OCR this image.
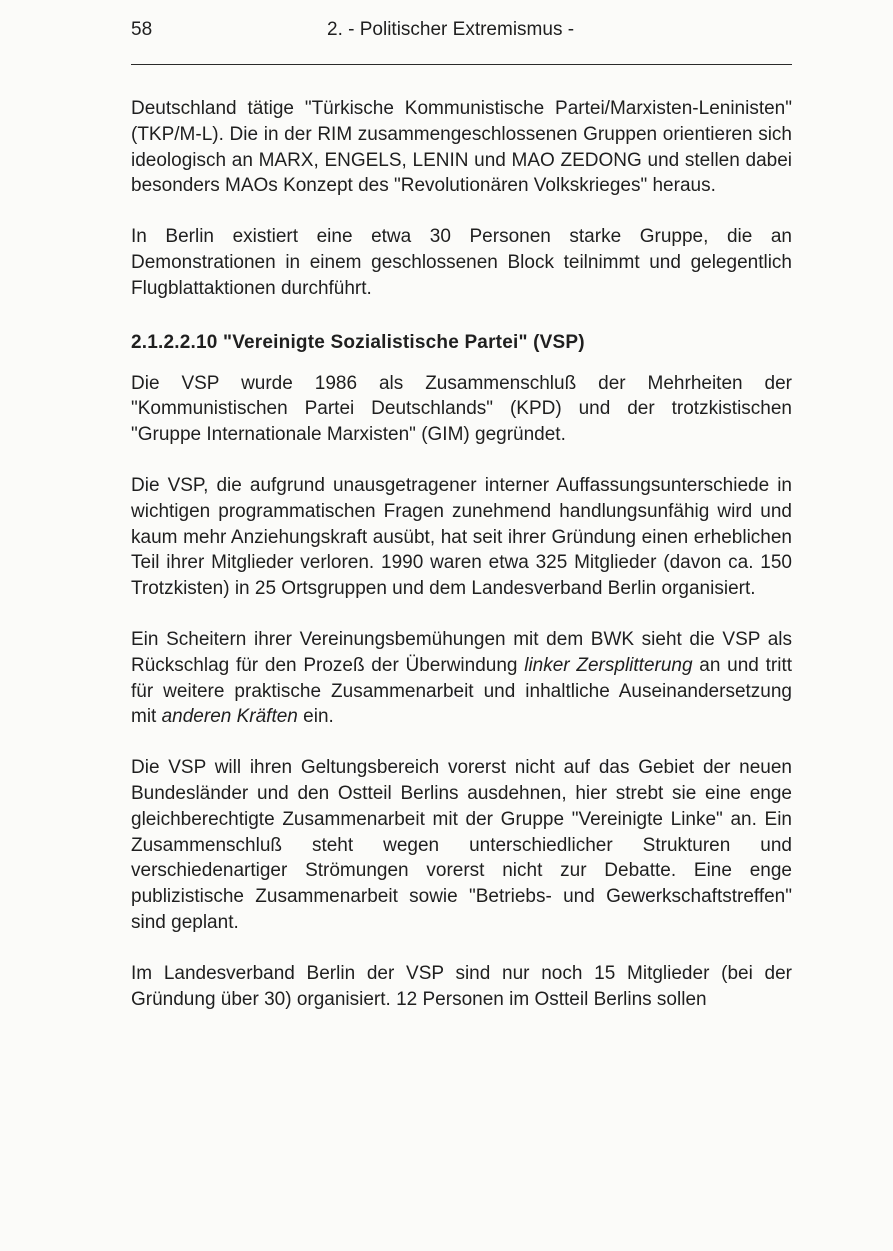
58	2. - Politischer Extremismus -

Deutschland tätige "Türkische Kommunistische Partei/Marxisten-Leninisten" (TKP/M-L). Die in der RIM zusammengeschlossenen Gruppen orientieren sich ideologisch an MARX, ENGELS, LENIN und MAO ZEDONG und stellen dabei besonders MAOs Konzept des "Revolutionären Volkskrieges" heraus.

In Berlin existiert eine etwa 30 Personen starke Gruppe, die an Demonstrationen in einem geschlossenen Block teilnimmt und gelegentlich Flugblattaktionen durchführt.

2.1.2.2.10 "Vereinigte Sozialistische Partei" (VSP)

Die VSP wurde 1986 als Zusammenschluß der Mehrheiten der "Kommunistischen Partei Deutschlands" (KPD) und der trotzkistischen "Gruppe Internationale Marxisten" (GIM) gegründet.

Die VSP, die aufgrund unausgetragener interner Auffassungsunterschiede in wichtigen programmatischen Fragen zunehmend handlungsunfähig wird und kaum mehr Anziehungskraft ausübt, hat seit ihrer Gründung einen erheblichen Teil ihrer Mitglieder verloren. 1990 waren etwa 325 Mitglieder (davon ca. 150 Trotzkisten) in 25 Ortsgruppen und dem Landesverband Berlin organisiert.

Ein Scheitern ihrer Vereinungsbemühungen mit dem BWK sieht die VSP als Rückschlag für den Prozeß der Überwindung linker Zersplitterung an und tritt für weitere praktische Zusammenarbeit und inhaltliche Auseinandersetzung mit anderen Kräften ein.

Die VSP will ihren Geltungsbereich vorerst nicht auf das Gebiet der neuen Bundesländer und den Ostteil Berlins ausdehnen, hier strebt sie eine enge gleichberechtigte Zusammenarbeit mit der Gruppe "Vereinigte Linke" an. Ein Zusammenschluß steht wegen unterschiedlicher Strukturen und verschiedenartiger Strömungen vorerst nicht zur Debatte. Eine enge publizistische Zusammenarbeit sowie "Betriebs- und Gewerkschaftstreffen" sind geplant.

Im Landesverband Berlin der VSP sind nur noch 15 Mitglieder (bei der Gründung über 30) organisiert. 12 Personen im Ostteil Berlins sollen
